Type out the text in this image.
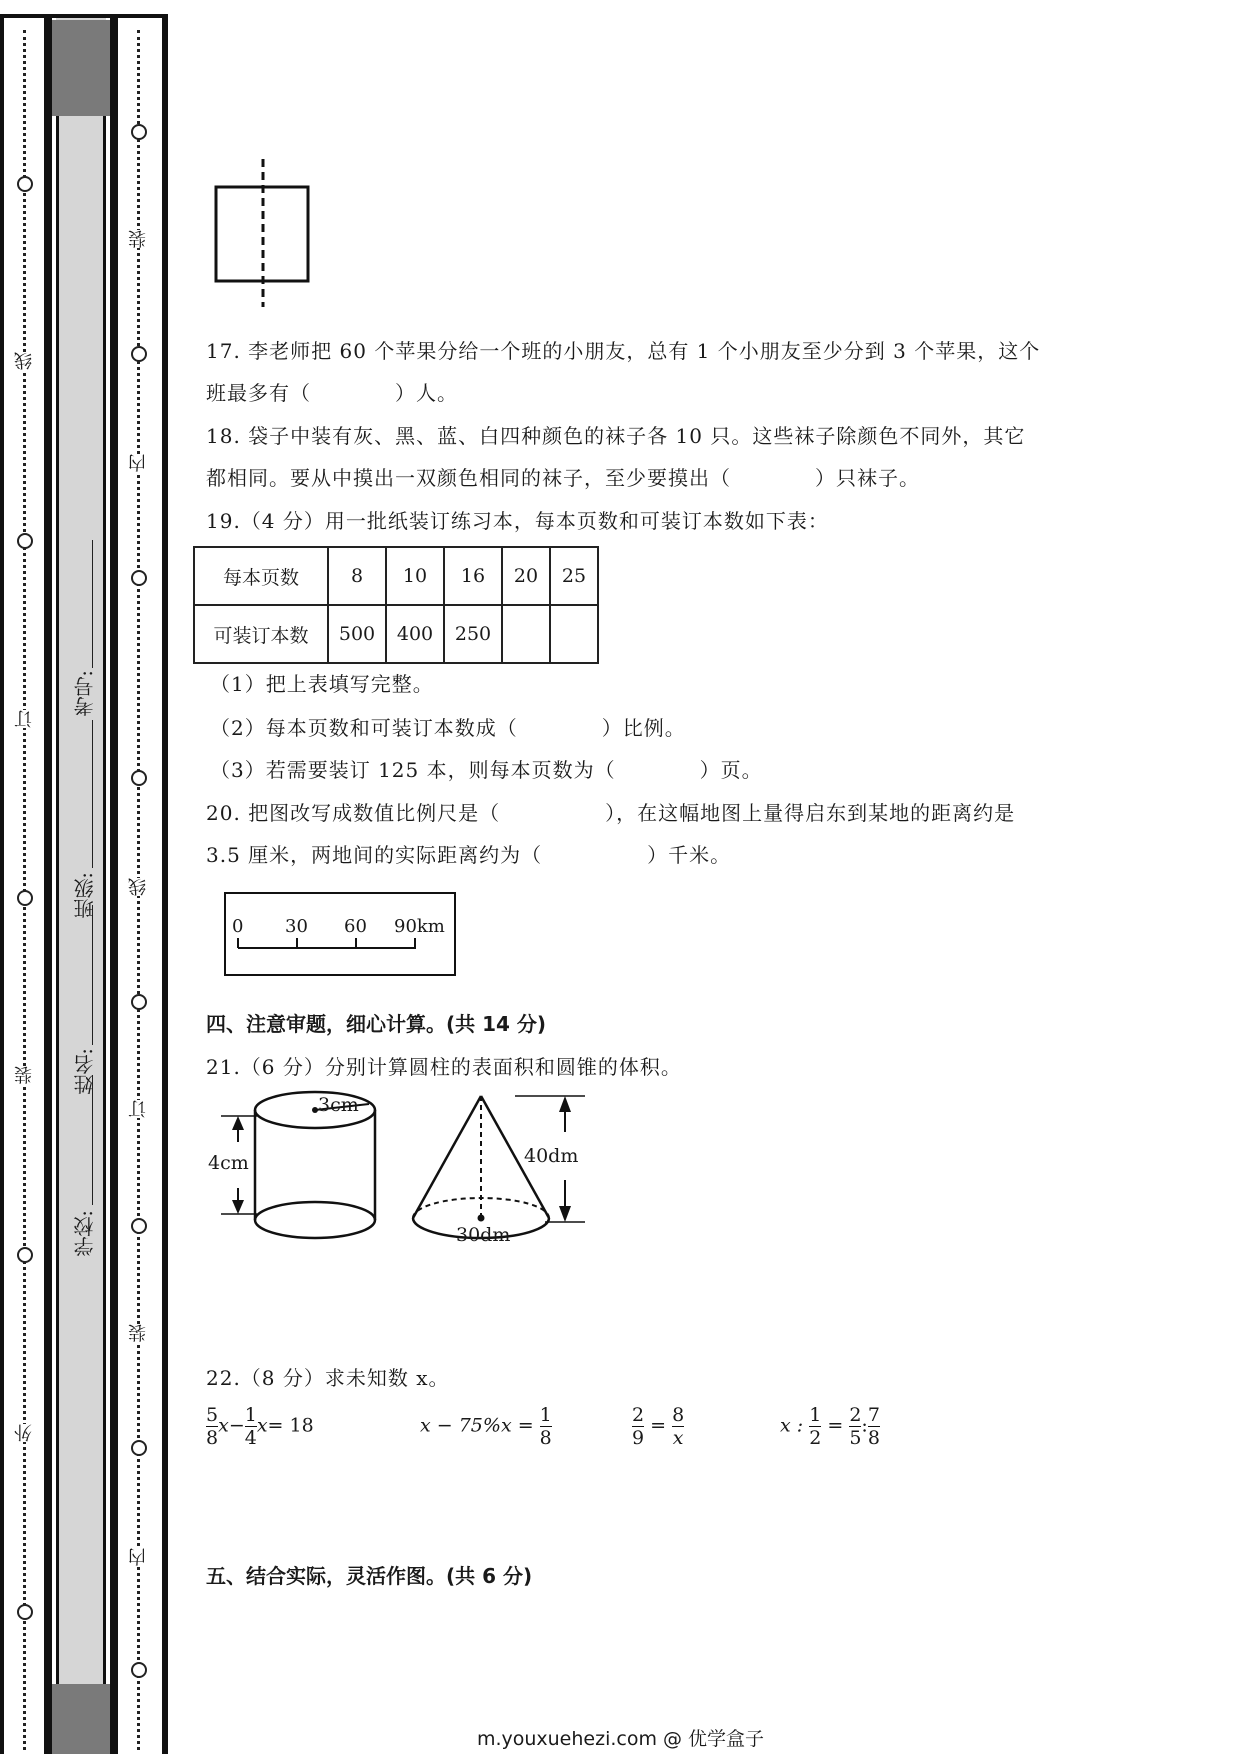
线
订
装
外
装
内
线
订
装
内
学校:
姓名:
班级:
考号:
17. 李老师把 60 个苹果分给一个班的小朋友，总有 1 个小朋友至少分到 3 个苹果，这个
班最多有（　　　　）人。
18. 袋子中装有灰、黑、蓝、白四种颜色的袜子各 10 只。这些袜子除颜色不同外，其它
都相同。要从中摸出一双颜色相同的袜子，至少要摸出（　　　　）只袜子。
19.（4 分）用一批纸装订练习本，每本页数和可装订本数如下表：
每本页数	8	10	16	20	25
可装订本数	500	400	250		
（1）把上表填写完整。
（2）每本页数和可装订本数成（　　　　）比例。
（3）若需要装订 125 本，则每本页数为（　　　　）页。
20. 把图改写成数值比例尺是（　　　　　），在这幅地图上量得启东到某地的距离约是
3.5 厘米，两地间的实际距离约为（　　　　　）千米。
0 30 60 90km
四、注意审题，细心计算。(共 14 分)
21.（6 分）分别计算圆柱的表面积和圆锥的体积。
3cm
4cm	40dm
30dm
22.（8 分）求未知数 x。
$\frac{5}{8} x- \frac{1}{4} x= 18$	$x - 75\%x = \frac{1}{8}$	$\frac{2}{9} = \frac{8}{x}$	x : $\frac{1}{2} = \frac{2}{5}$ : $\frac{7}{8}$
五、结合实际，灵活作图。(共 6 分)
m.youxuehezi.com @ 优学盒子
